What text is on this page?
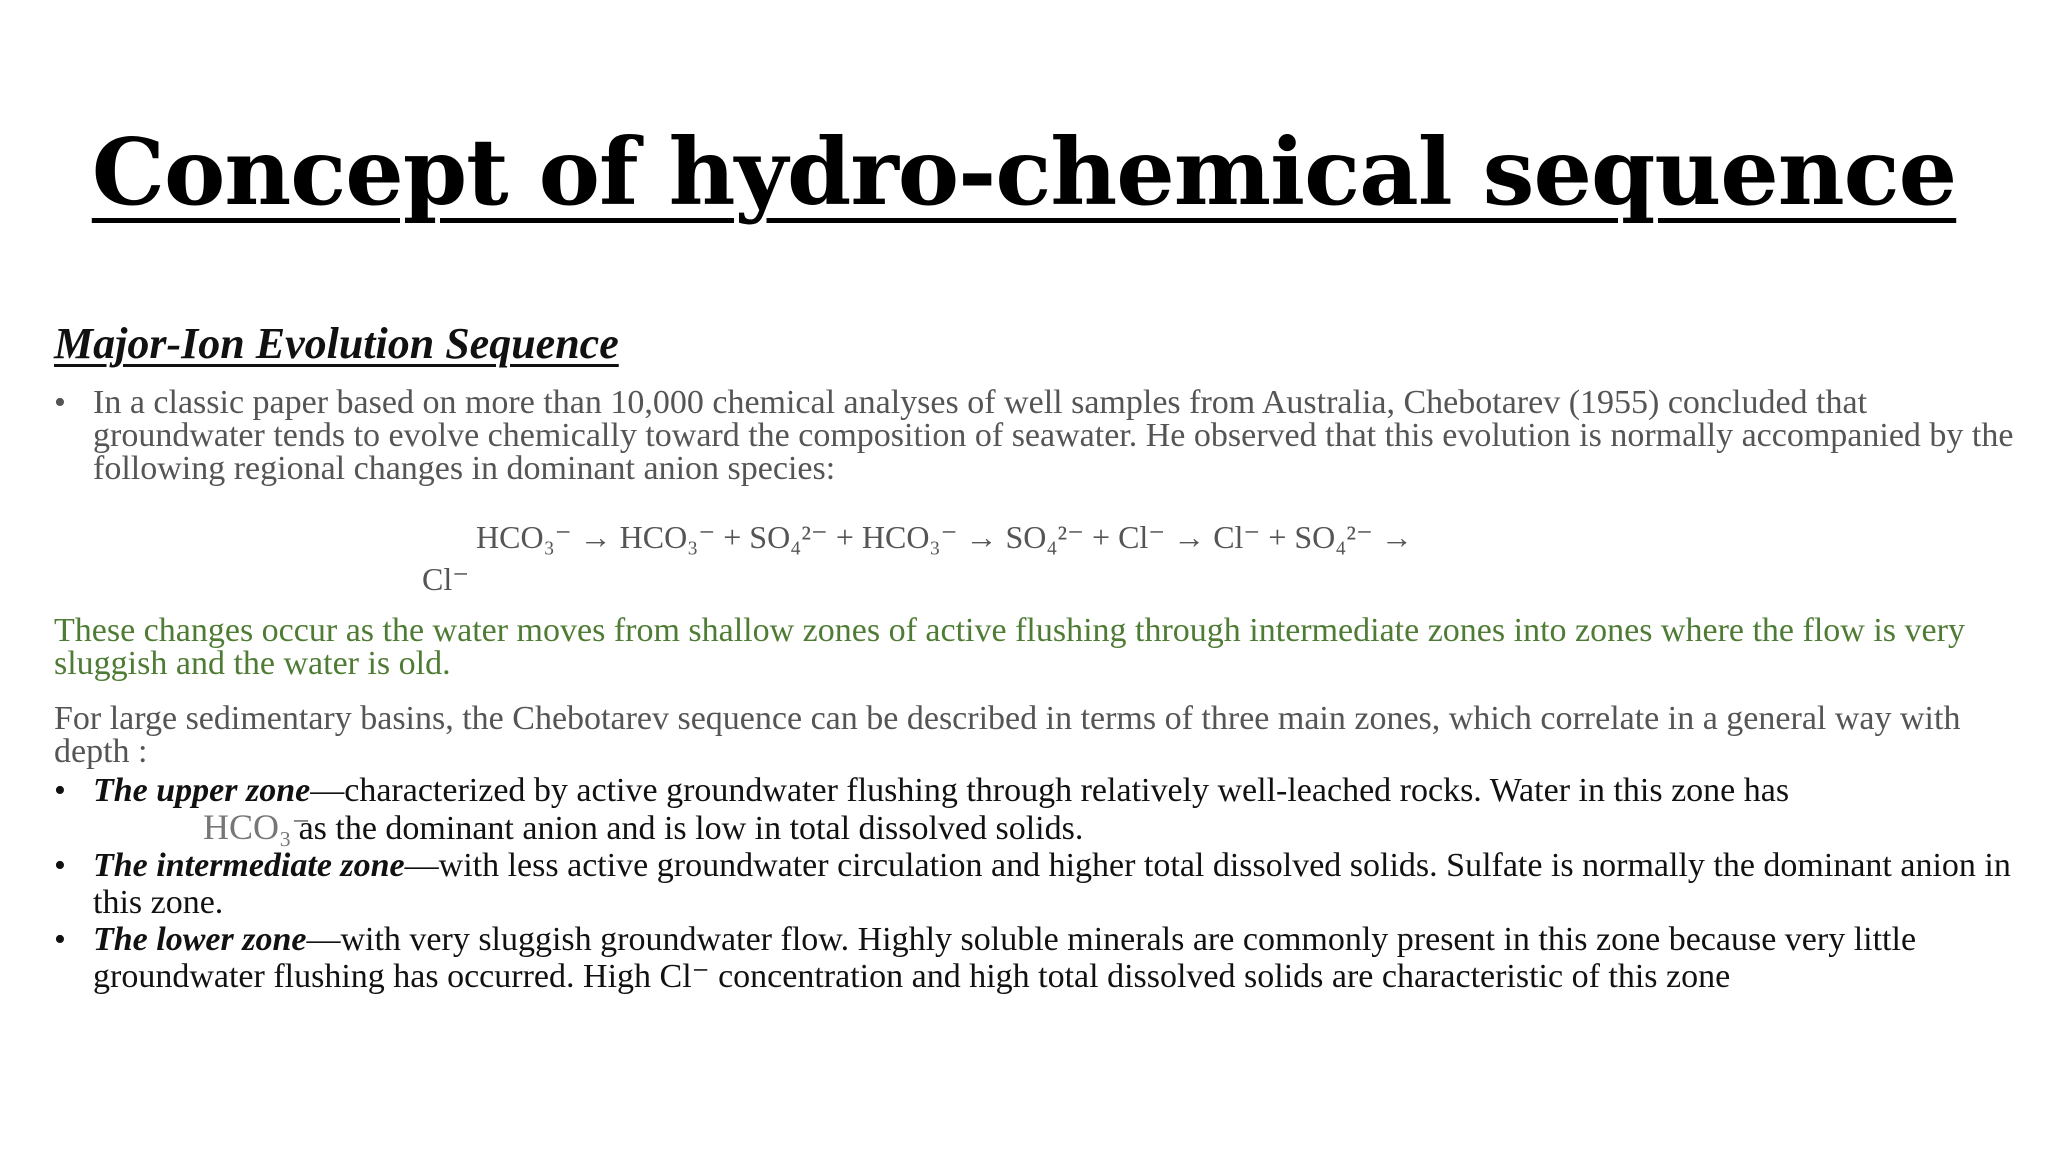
Concept of hydro-chemical sequence
Major-Ion Evolution Sequence
• In a classic paper based on more than 10,000 chemical analyses of well samples from Australia, Chebotarev (1955) concluded that groundwater tends to evolve chemically toward the composition of seawater. He observed that this evolution is normally accompanied by the following regional changes in dominant anion species:
HCO₃⁻ → HCO₃⁻ + SO₄²⁻ + HCO₃⁻ → SO₄²⁻ + Cl⁻ → Cl⁻ + SO₄²⁻ →
Cl⁻
These changes occur as the water moves from shallow zones of active flushing through intermediate zones into zones where the flow is very sluggish and the water is old.
For large sedimentary basins, the Chebotarev sequence can be described in terms of three main zones, which correlate in a general way with depth :
• The upper zone—characterized by active groundwater flushing through relatively well-leached rocks. Water in this zone has HCO₃⁻as the dominant anion and is low in total dissolved solids.
• The intermediate zone—with less active groundwater circulation and higher total dissolved solids. Sulfate is normally the dominant anion in this zone.
• The lower zone—with very sluggish groundwater flow. Highly soluble minerals are commonly present in this zone because very little groundwater flushing has occurred. High Cl⁻ concentration and high total dissolved solids are characteristic of this zone
